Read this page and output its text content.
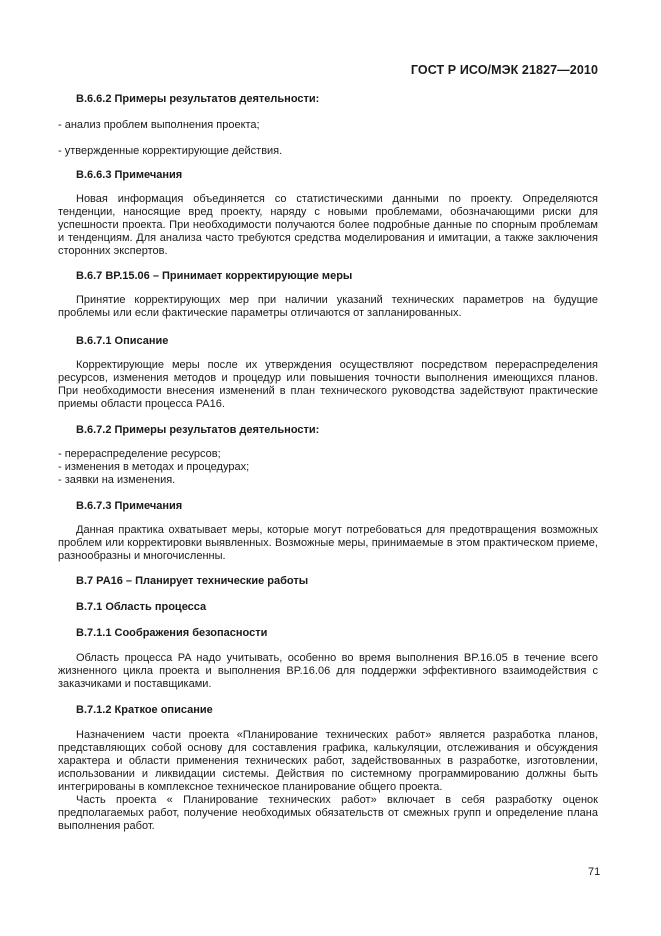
ГОСТ Р ИСО/МЭК 21827—2010
В.6.6.2 Примеры результатов деятельности:
- анализ проблем выполнения проекта;
- утвержденные корректирующие действия.
В.6.6.3 Примечания
Новая информация объединяется со статистическими данными по проекту. Определяются тенденции, наносящие вред проекту, наряду с новыми проблемами, обозначающими риски для успешности проекта. При необходимости получаются более подробные данные по спорным проблемам и тенденциям. Для анализа часто требуются средства моделирования и имитации, а также заключения сторонних экспертов.
В.6.7 BP.15.06 – Принимает корректирующие меры
Принятие корректирующих мер при наличии указаний технических параметров на будущие проблемы или если фактические параметры отличаются от запланированных.
В.6.7.1 Описание
Корректирующие меры после их утверждения осуществляют посредством перераспределения ресурсов, изменения методов и процедур или повышения точности выполнения имеющихся планов. При необходимости внесения изменений в план технического руководства задействуют практические приемы области процесса PA16.
В.6.7.2 Примеры результатов деятельности:
- перераспределение ресурсов;
- изменения в методах и процедурах;
- заявки на изменения.
В.6.7.3 Примечания
Данная практика охватывает меры, которые могут потребоваться для предотвращения возможных проблем или корректировки выявленных. Возможные меры, принимаемые в этом практическом приеме, разнообразны и многочисленны.
В.7 PA16 – Планирует технические работы
В.7.1 Область процесса
В.7.1.1 Соображения безопасности
Область процесса PA надо учитывать, особенно во время выполнения BP.16.05 в течение всего жизненного цикла проекта и выполнения BP.16.06 для поддержки эффективного взаимодействия с заказчиками и поставщиками.
В.7.1.2 Краткое описание
Назначением части проекта «Планирование технических работ» является разработка планов, представляющих собой основу для составления графика, калькуляции, отслеживания и обсуждения характера и области применения технических работ, задействованных в разработке, изготовлении, использовании и ликвидации системы. Действия по системному программированию должны быть интегрированы в комплексное техническое планирование общего проекта.
Часть проекта « Планирование технических работ» включает в себя разработку оценок предполагаемых работ, получение необходимых обязательств от смежных групп и определение плана выполнения работ.
71
